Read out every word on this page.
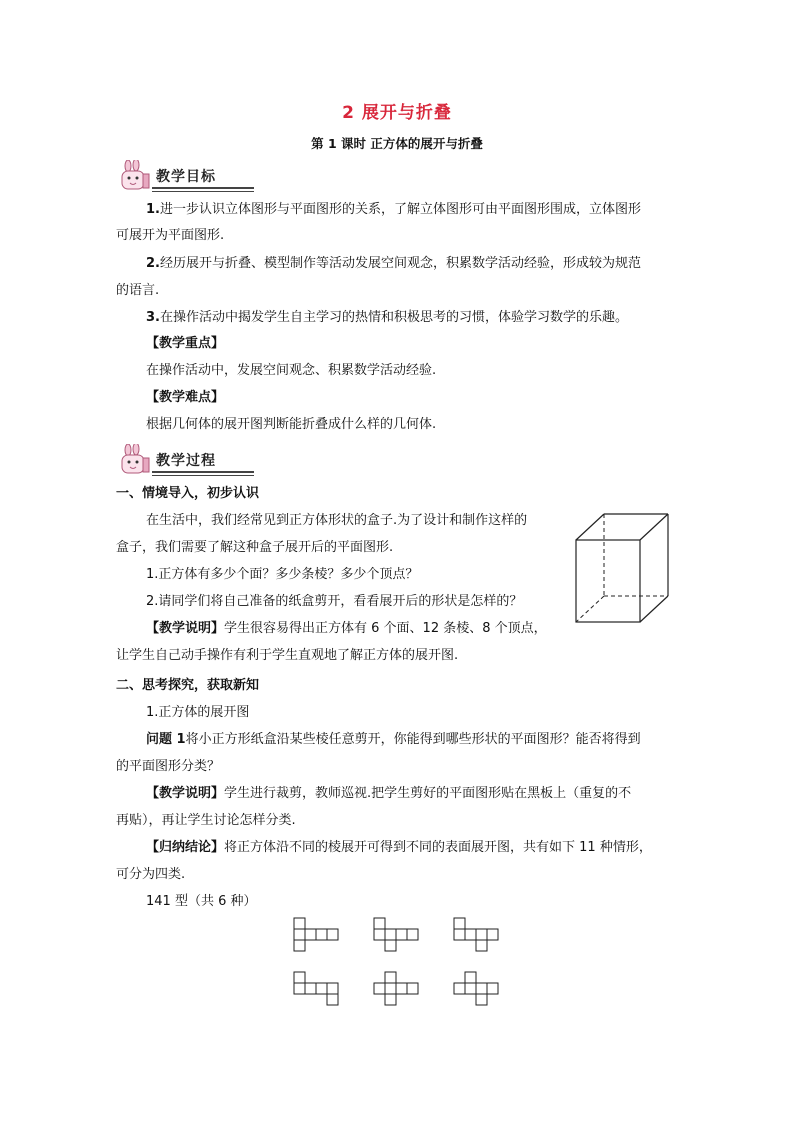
2 展开与折叠
第 1 课时 正方体的展开与折叠
教学目标
1.进一步认识立体图形与平面图形的关系，了解立体图形可由平面图形围成，立体图形
可展开为平面图形.
2.经历展开与折叠、模型制作等活动发展空间观念，积累数学活动经验，形成较为规范
的语言.
3.在操作活动中揭发学生自主学习的热情和积极思考的习惯，体验学习数学的乐趣。
【教学重点】
在操作活动中，发展空间观念、积累数学活动经验.
【教学难点】
根据几何体的展开图判断能折叠成什么样的几何体.
教学过程
一、情境导入，初步认识
在生活中，我们经常见到正方体形状的盒子.为了设计和制作这样的
盒子，我们需要了解这种盒子展开后的平面图形.
1.正方体有多少个面？多少条棱？多少个顶点？
2.请同学们将自己准备的纸盒剪开，看看展开后的形状是怎样的？
【教学说明】学生很容易得出正方体有 6 个面、12 条棱、8 个顶点，
让学生自己动手操作有利于学生直观地了解正方体的展开图.
二、思考探究，获取新知
1.正方体的展开图
问题 1将小正方形纸盒沿某些棱任意剪开，你能得到哪些形状的平面图形？能否将得到
的平面图形分类？
【教学说明】学生进行裁剪，教师巡视.把学生剪好的平面图形贴在黑板上（重复的不
再贴），再让学生讨论怎样分类.
【归纳结论】将正方体沿不同的棱展开可得到不同的表面展开图，共有如下 11 种情形，
可分为四类.
141 型（共 6 种）
